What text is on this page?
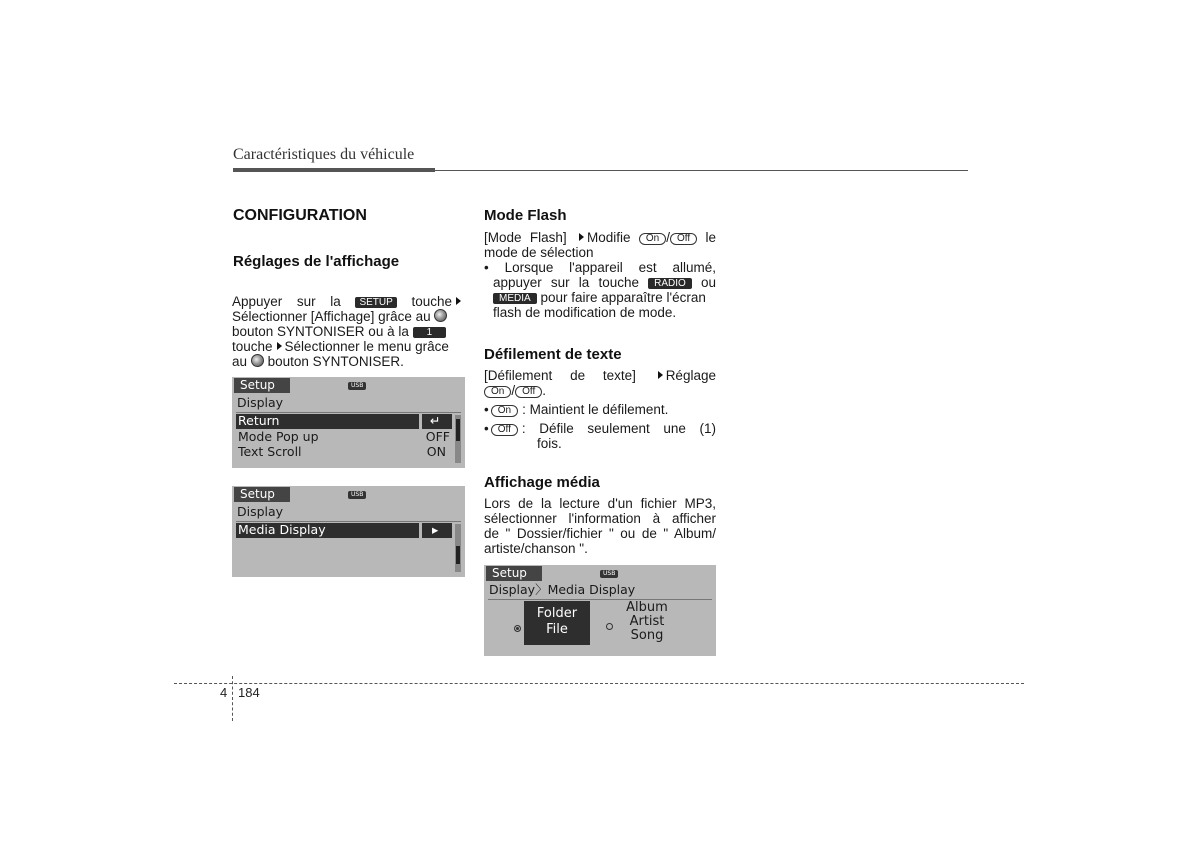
Caractéristiques du véhicule
CONFIGURATION
Réglages de l'affichage
Appuyer sur la SETUP touche
Sélectionner [Affichage] grâce au
bouton SYNTONISER ou à la 1
touche Sélectionner le menu grâce
au bouton SYNTONISER.
Setup	USB
Display
Return	↵
Mode Pop up	OFF
Text Scroll	ON
Setup	USB
Display
Media Display	▸
Mode Flash
[Mode Flash] Modifie On / Off le
mode de sélection
• Lorsque l'appareil est allumé,
appuyer sur la touche RADIO ou
MEDIA pour faire apparaître l'écran
flash de modification de mode.
Défilement de texte
[Défilement de texte] Réglage
On / Off .
• On : Maintient le défilement.
• Off : Défile seulement une (1)
fois.
Affichage média
Lors de la lecture d'un fichier MP3,
sélectionner l'information à afficher
de " Dossier/fichier " ou de " Album/
artiste/chanson ".
Setup	USB
Display〉Media Display
Folder
File
Album
Artist
Song
4 184
